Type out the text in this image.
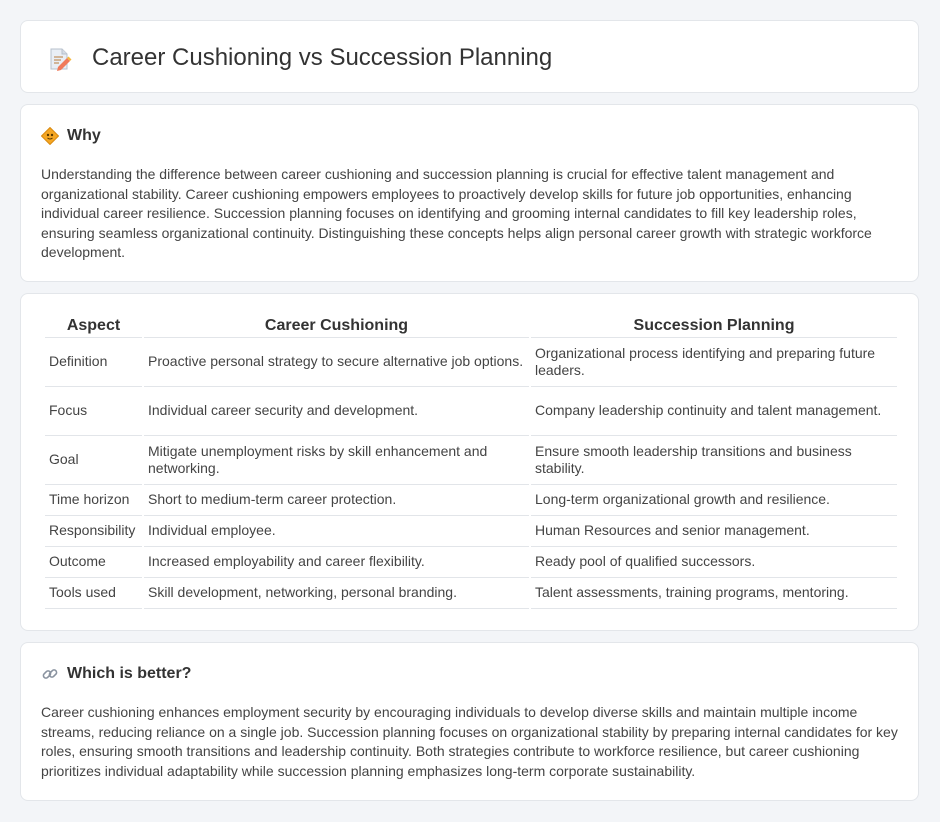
Career Cushioning vs Succession Planning
Why

Understanding the difference between career cushioning and succession planning is crucial for effective talent management and organizational stability. Career cushioning empowers employees to proactively develop skills for future job opportunities, enhancing individual career resilience. Succession planning focuses on identifying and grooming internal candidates to fill key leadership roles, ensuring seamless organizational continuity. Distinguishing these concepts helps align personal career growth with strategic workforce development.

Aspect	Career Cushioning	Succession Planning
Definition	Proactive personal strategy to secure alternative job options.	Organizational process identifying and preparing future leaders.
Focus	Individual career security and development.	Company leadership continuity and talent management.
Goal	Mitigate unemployment risks by skill enhancement and networking.	Ensure smooth leadership transitions and business stability.
Time horizon	Short to medium-term career protection.	Long-term organizational growth and resilience.
Responsibility	Individual employee.	Human Resources and senior management.
Outcome	Increased employability and career flexibility.	Ready pool of qualified successors.
Tools used	Skill development, networking, personal branding.	Talent assessments, training programs, mentoring.
Which is better?

Career cushioning enhances employment security by encouraging individuals to develop diverse skills and maintain multiple income streams, reducing reliance on a single job. Succession planning focuses on organizational stability by preparing internal candidates for key roles, ensuring smooth transitions and leadership continuity. Both strategies contribute to workforce resilience, but career cushioning prioritizes individual adaptability while succession planning emphasizes long-term corporate sustainability.
